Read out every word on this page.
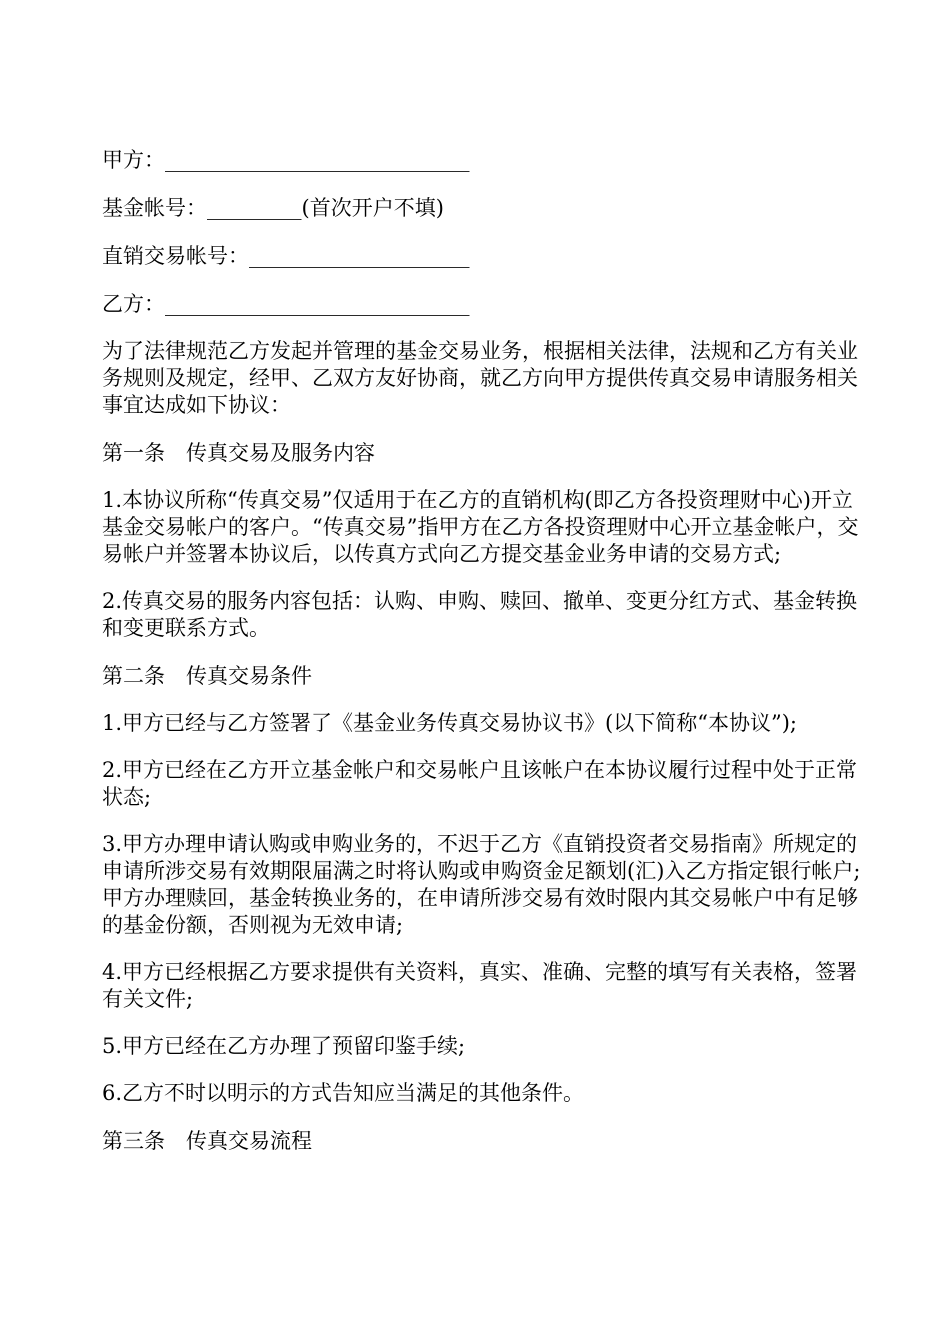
甲方：_____________________________
基金帐号：_________(首次开户不填)
直销交易帐号：_____________________
乙方：_____________________________
为了法律规范乙方发起并管理的基金交易业务，根据相关法律，法规和乙方有关业务规则及规定，经甲、乙双方友好协商，就乙方向甲方提供传真交易申请服务相关事宜达成如下协议：
第一条　传真交易及服务内容
1.本协议所称“传真交易”仅适用于在乙方的直销机构(即乙方各投资理财中心)开立基金交易帐户的客户。“传真交易”指甲方在乙方各投资理财中心开立基金帐户，交易帐户并签署本协议后，以传真方式向乙方提交基金业务申请的交易方式;
2.传真交易的服务内容包括：认购、申购、赎回、撤单、变更分红方式、基金转换和变更联系方式。
第二条　传真交易条件
1.甲方已经与乙方签署了《基金业务传真交易协议书》(以下简称“本协议”);
2.甲方已经在乙方开立基金帐户和交易帐户且该帐户在本协议履行过程中处于正常状态;
3.甲方办理申请认购或申购业务的，不迟于乙方《直销投资者交易指南》所规定的申请所涉交易有效期限届满之时将认购或申购资金足额划(汇)入乙方指定银行帐户;甲方办理赎回，基金转换业务的，在申请所涉交易有效时限内其交易帐户中有足够的基金份额，否则视为无效申请;
4.甲方已经根据乙方要求提供有关资料，真实、准确、完整的填写有关表格，签署有关文件;
5.甲方已经在乙方办理了预留印鉴手续;
6.乙方不时以明示的方式告知应当满足的其他条件。
第三条　传真交易流程
